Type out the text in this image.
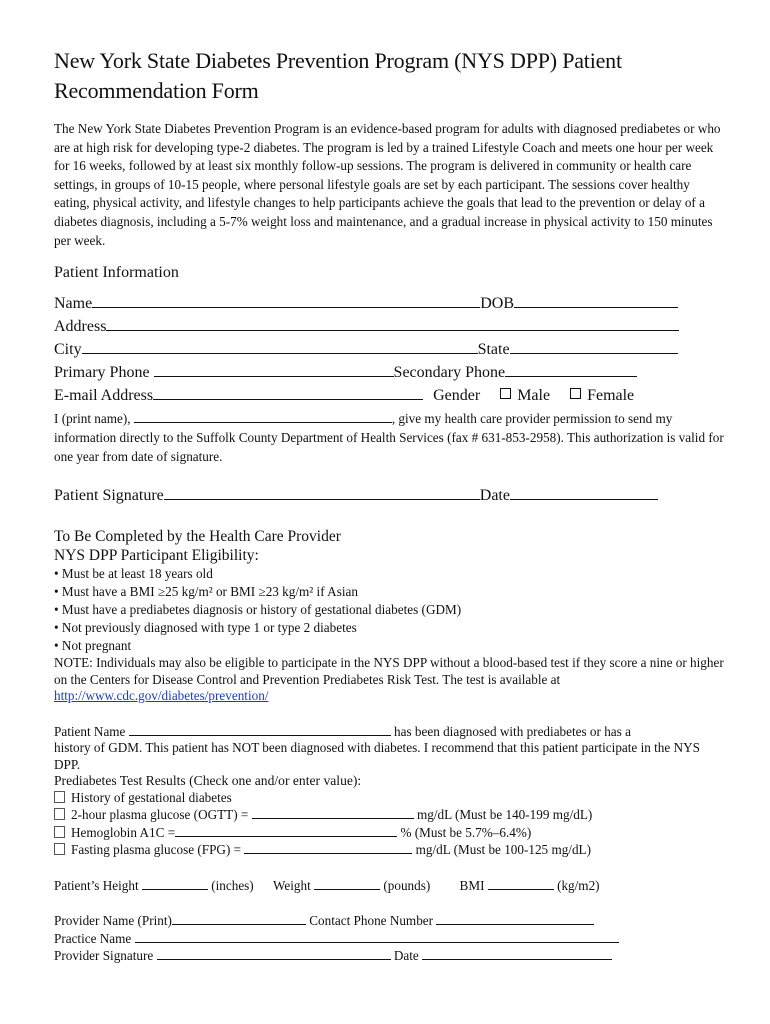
New York State Diabetes Prevention Program (NYS DPP) Patient Recommendation Form

The New York State Diabetes Prevention Program is an evidence-based program for adults with diagnosed prediabetes or who are at high risk for developing type-2 diabetes. The program is led by a trained Lifestyle Coach and meets one hour per week for 16 weeks, followed by at least six monthly follow-up sessions. The program is delivered in community or health care settings, in groups of 10-15 people, where personal lifestyle goals are set by each participant. The sessions cover healthy eating, physical activity, and lifestyle changes to help participants achieve the goals that lead to the prevention or delay of a diabetes diagnosis, including a 5-7% weight loss and maintenance, and a gradual increase in physical activity to 150 minutes per week.

Patient Information
Name	DOB
Address
City	State
Primary Phone	Secondary Phone
E-mail Address	Gender Male Female
I (print name),	, give my health care provider permission to send my information directly to the Suffolk County Department of Health Services (fax # 631-853-2958). This authorization is valid for one year from date of signature.
Patient Signature	Date
To Be Completed by the Health Care Provider
NYS DPP Participant Eligibility:
• Must be at least 18 years old
• Must have a BMI ≥25 kg/m² or BMI ≥23 kg/m² if Asian
• Must have a prediabetes diagnosis or history of gestational diabetes (GDM)
• Not previously diagnosed with type 1 or type 2 diabetes
• Not pregnant
NOTE: Individuals may also be eligible to participate in the NYS DPP without a blood-based test if they score a nine or higher on the Centers for Disease Control and Prevention Prediabetes Risk Test. The test is available at http://www.cdc.gov/diabetes/prevention/
Patient Name	has been diagnosed with prediabetes or has a
history of GDM. This patient has NOT been diagnosed with diabetes. I recommend that this patient participate in the NYS DPP.
Prediabetes Test Results (Check one and/or enter value):
History of gestational diabetes
2-hour plasma glucose (OGTT) =	mg/dL (Must be 140-199 mg/dL)
Hemoglobin A1C =	% (Must be 5.7%–6.4%)
Fasting plasma glucose (FPG) =	mg/dL (Must be 100-125 mg/dL)
Patient’s Height	(inches) Weight	(pounds) BMI	(kg/m2)
Provider Name (Print)	Contact Phone Number
Practice Name
Provider Signature	Date
